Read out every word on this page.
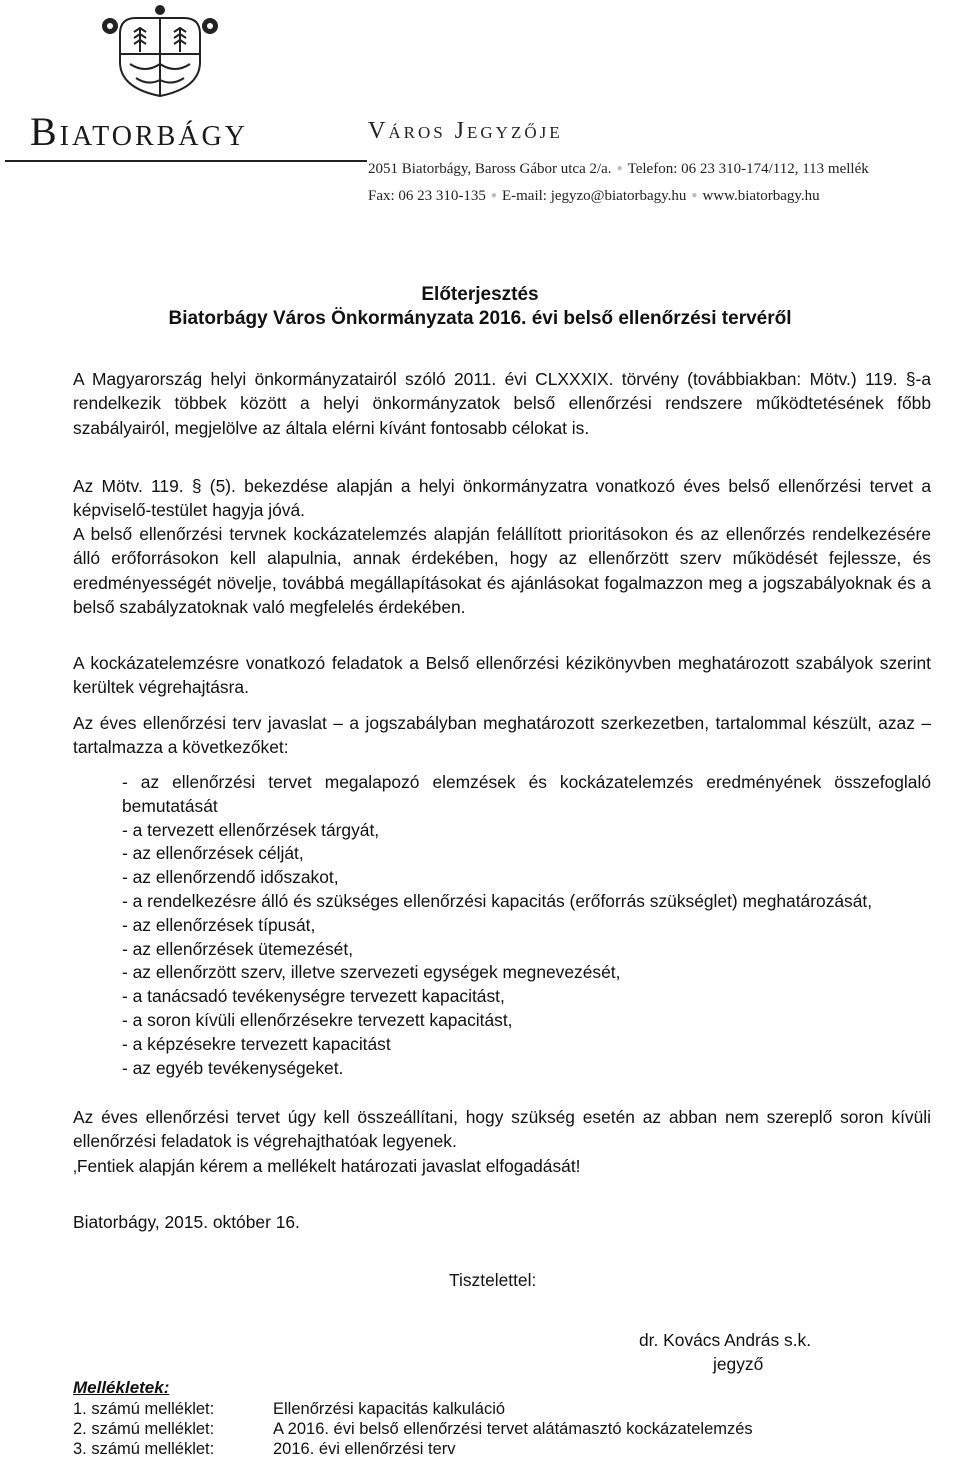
Biatorbágy	Város Jegyzője
2051 Biatorbágy, Baross Gábor utca 2/a. ● Telefon: 06 23 310-174/112, 113 mellék
Fax: 06 23 310-135 ● E-mail: jegyzo@biatorbagy.hu ● www.biatorbagy.hu
Előterjesztés
Biatorbágy Város Önkormányzata 2016. évi belső ellenőrzési tervéről
A Magyarország helyi önkormányzatairól szóló 2011. évi CLXXXIX. törvény (továbbiakban: Mötv.) 119. §-a rendelkezik többek között a helyi önkormányzatok belső ellenőrzési rendszere működtetésének főbb szabályairól, megjelölve az általa elérni kívánt fontosabb célokat is.
Az Mötv. 119. § (5). bekezdése alapján a helyi önkormányzatra vonatkozó éves belső ellenőrzési tervet a képviselő-testület hagyja jóvá.
A belső ellenőrzési tervnek kockázatelemzés alapján felállított prioritásokon és az ellenőrzés rendelkezésére álló erőforrásokon kell alapulnia, annak érdekében, hogy az ellenőrzött szerv működését fejlessze, és eredményességét növelje, továbbá megállapításokat és ajánlásokat fogalmazzon meg a jogszabályoknak és a belső szabályzatoknak való megfelelés érdekében.
A kockázatelemzésre vonatkozó feladatok a Belső ellenőrzési kézikönyvben meghatározott szabályok szerint kerültek végrehajtásra.
Az éves ellenőrzési terv javaslat – a jogszabályban meghatározott szerkezetben, tartalommal készült, azaz – tartalmazza a következőket:
- az ellenőrzési tervet megalapozó elemzések és kockázatelemzés eredményének összefoglaló bemutatását
- a tervezett ellenőrzések tárgyát,
- az ellenőrzések célját,
- az ellenőrzendő időszakot,
- a rendelkezésre álló és szükséges ellenőrzési kapacitás (erőforrás szükséglet) meghatározását,
- az ellenőrzések típusát,
- az ellenőrzések ütemezését,
- az ellenőrzött szerv, illetve szervezeti egységek megnevezését,
- a tanácsadó tevékenységre tervezett kapacitást,
- a soron kívüli ellenőrzésekre tervezett kapacitást,
- a képzésekre tervezett kapacitást
- az egyéb tevékenységeket.
Az éves ellenőrzési tervet úgy kell összeállítani, hogy szükség esetén az abban nem szereplő soron kívüli ellenőrzési feladatok is végrehajthatóak legyenek.
‚Fentiek alapján kérem a mellékelt határozati javaslat elfogadását!
Biatorbágy, 2015. október 16.
Tisztelettel:
dr. Kovács András s.k.
jegyző
Mellékletek:
1. számú melléklet:	Ellenőrzési kapacitás kalkuláció
2. számú melléklet:	A 2016. évi belső ellenőrzési tervet alátámasztó kockázatelemzés
3. számú melléklet:	2016. évi ellenőrzési terv
